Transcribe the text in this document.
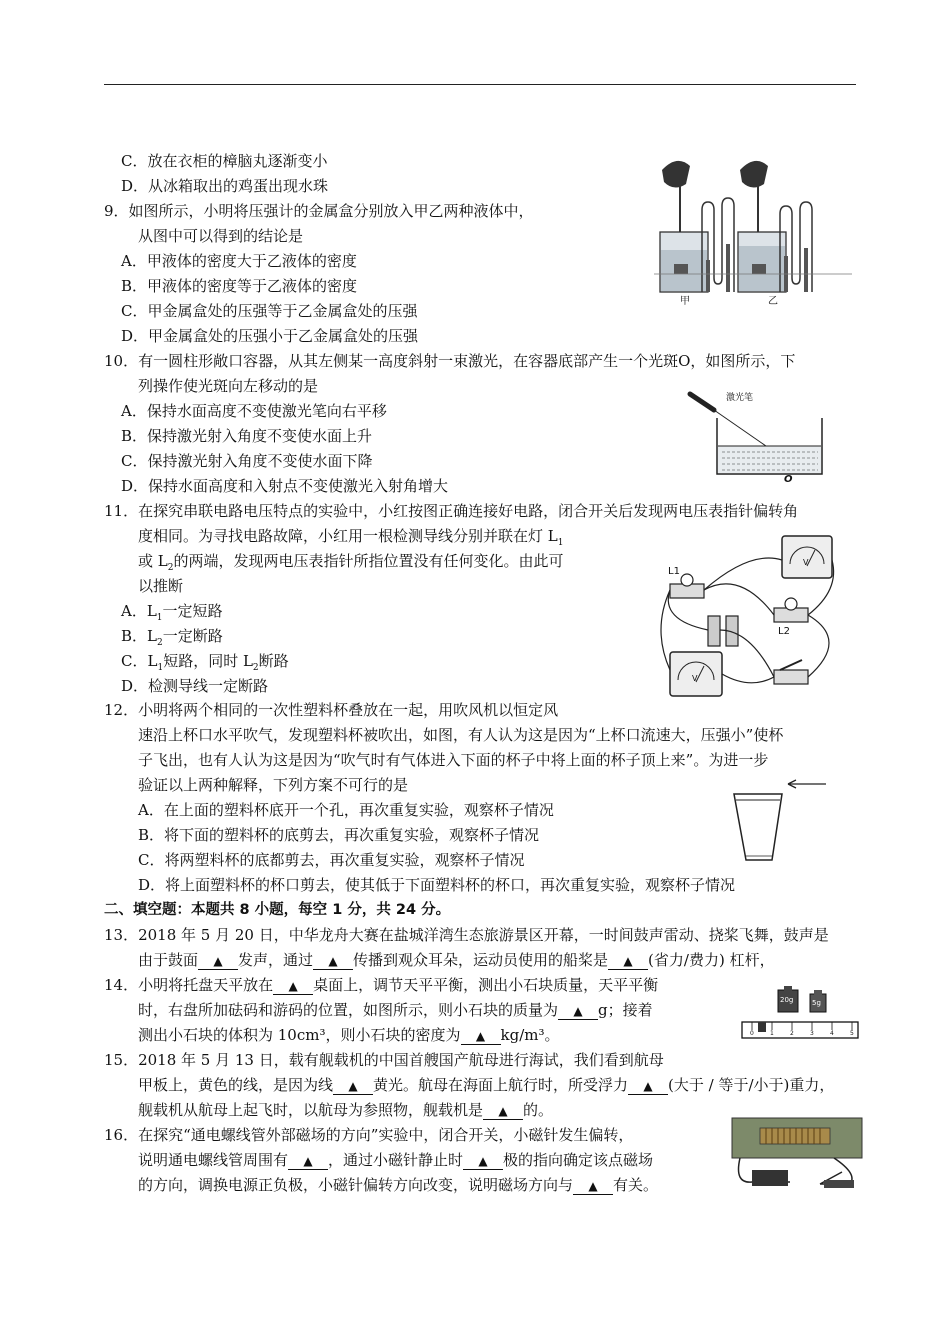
C．放在衣柜的樟脑丸逐渐变小
D．从冰箱取出的鸡蛋出现水珠
9．如图所示，小明将压强计的金属盒分别放入甲乙两种液体中，
从图中可以得到的结论是
A．甲液体的密度大于乙液体的密度
B．甲液体的密度等于乙液体的密度
C．甲金属盒处的压强等于乙金属盒处的压强
D．甲金属盒处的压强小于乙金属盒处的压强
甲	乙
10．有一圆柱形敞口容器，从其左侧某一高度斜射一束激光，在容器底部产生一个光斑O，如图所示，下
列操作使光斑向左移动的是
A．保持水面高度不变使激光笔向右平移
B．保持激光射入角度不变使水面上升
C．保持激光射入角度不变使水面下降
D．保持水面高度和入射点不变使激光入射角增大
激光笔
O
11．在探究串联电路电压特点的实验中，小红按图正确连接好电路，闭合开关后发现两电压表指针偏转角
度相同。为寻找电路故障，小红用一根检测导线分别并联在灯 $L_1$
或 $L_2$的两端，发现两电压表指针所指位置没有任何变化。由此可
以推断
A．$L_1$一定短路
B．$L_2$一定断路
C．$L_1$短路，同时 $L_2$断路
D．检测导线一定断路
L1
L2
V
V
12．小明将两个相同的一次性塑料杯叠放在一起，用吹风机以恒定风
速沿上杯口水平吹气，发现塑料杯被吹出，如图，有人认为这是因为“上杯口流速大，压强小”使杯
子飞出，也有人认为这是因为“吹气时有气体进入下面的杯子中将上面的杯子顶上来”。为进一步
验证以上两种解释，下列方案不可行的是
A．在上面的塑料杯底开一个孔，再次重复实验，观察杯子情况
B．将下面的塑料杯的底剪去，再次重复实验，观察杯子情况
C．将两塑料杯的底都剪去，再次重复实验，观察杯子情况
D．将上面塑料杯的杯口剪去，使其低于下面塑料杯的杯口，再次重复实验，观察杯子情况
二、填空题：本题共 8 小题，每空 1 分，共 24 分。
13．2018 年 5 月 20 日，中华龙舟大赛在盐城洋湾生态旅游景区开幕，一时间鼓声雷动、挠桨飞舞，鼓声是
由于鼓面 ▲ 发声，通过 ▲ 传播到观众耳朵，运动员使用的船桨是 ▲ (省力/费力) 杠杆，
14．小明将托盘天平放在 ▲ 桌面上，调节天平平衡，测出小石块质量，天平平衡
时，右盘所加砝码和游码的位置，如图所示，则小石块的质量为 ▲ g；接着
测出小石块的体积为 10cm³，则小石块的密度为 ▲ kg/m³。
20g	5g
0	1	2	3	4	5
15．2018 年 5 月 13 日，载有舰载机的中国首艘国产航母进行海试，我们看到航母
甲板上，黄色的线，是因为线 ▲ 黄光。航母在海面上航行时，所受浮力 ▲ (大于 / 等于/小于)重力，
舰载机从航母上起飞时，以航母为参照物，舰载机是 ▲ 的。
16．在探究“通电螺线管外部磁场的方向”实验中，闭合开关，小磁针发生偏转，
说明通电螺线管周围有 ▲ ，通过小磁针静止时 ▲ 极的指向确定该点磁场
的方向，调换电源正负极，小磁针偏转方向改变，说明磁场方向与 ▲ 有关。
